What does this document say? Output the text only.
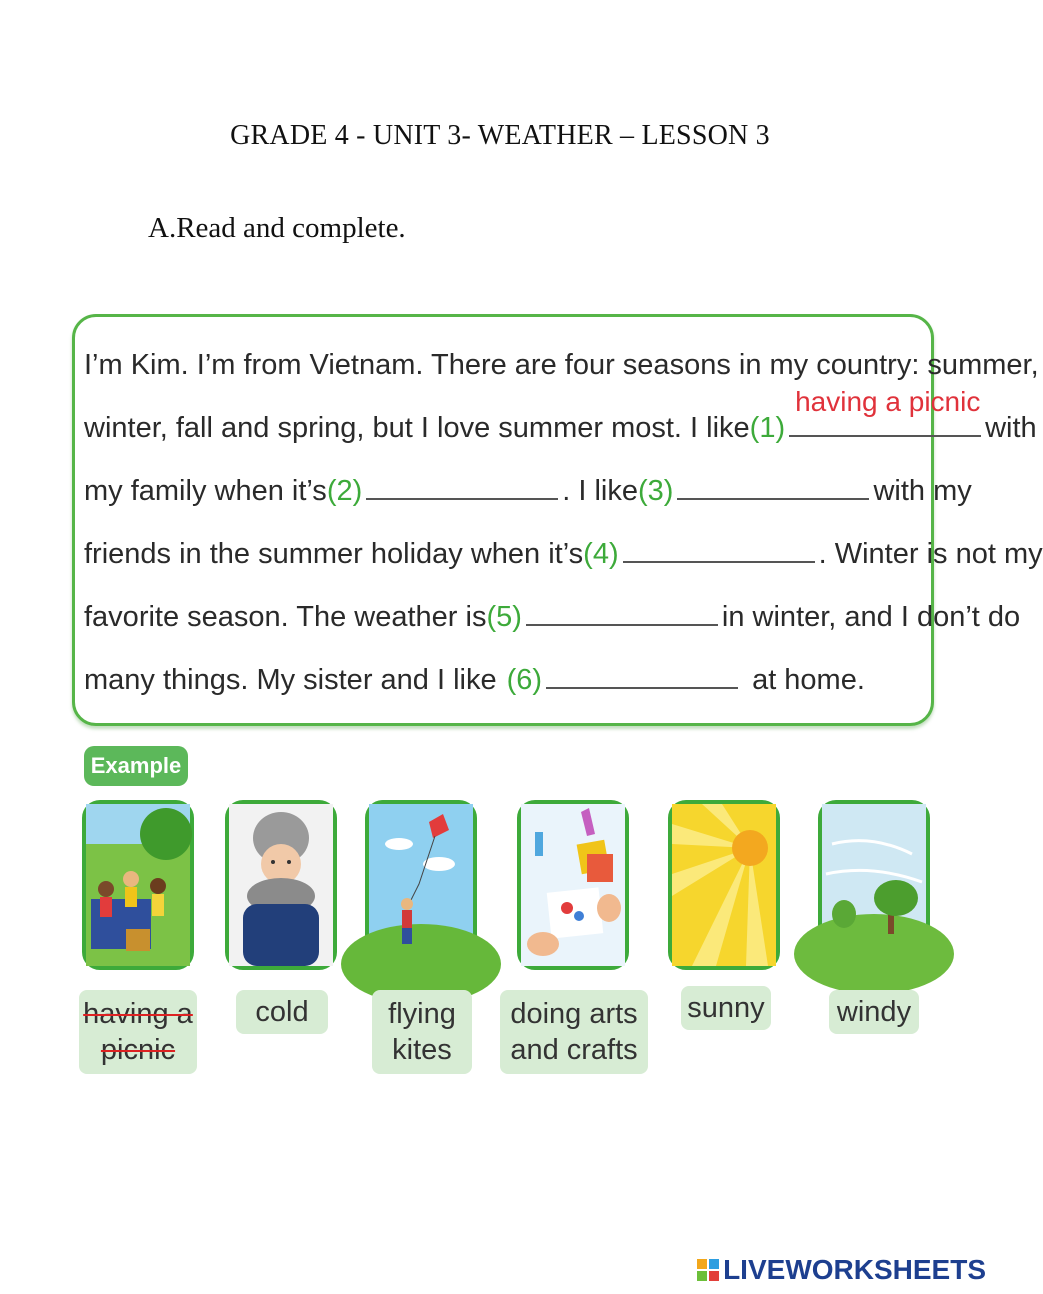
GRADE 4 - UNIT 3- WEATHER – LESSON 3
A.Read and complete.
I’m Kim. I’m from Vietnam. There are four seasons in my country: summer,
winter, fall and spring, but I love summer most. I like (1)
having a picnic
with
my family when it’s (2)	. I like (3)	with my
friends in the summer holiday when it’s (4)	. Winter is not my
favorite season. The weather is (5)	in winter, and I don’t do
many things. My sister and I like (6)	at home.
Example
having a
picnic
cold	flying
kites
doing arts
and crafts
sunny windy
LIVEWORKSHEETS
